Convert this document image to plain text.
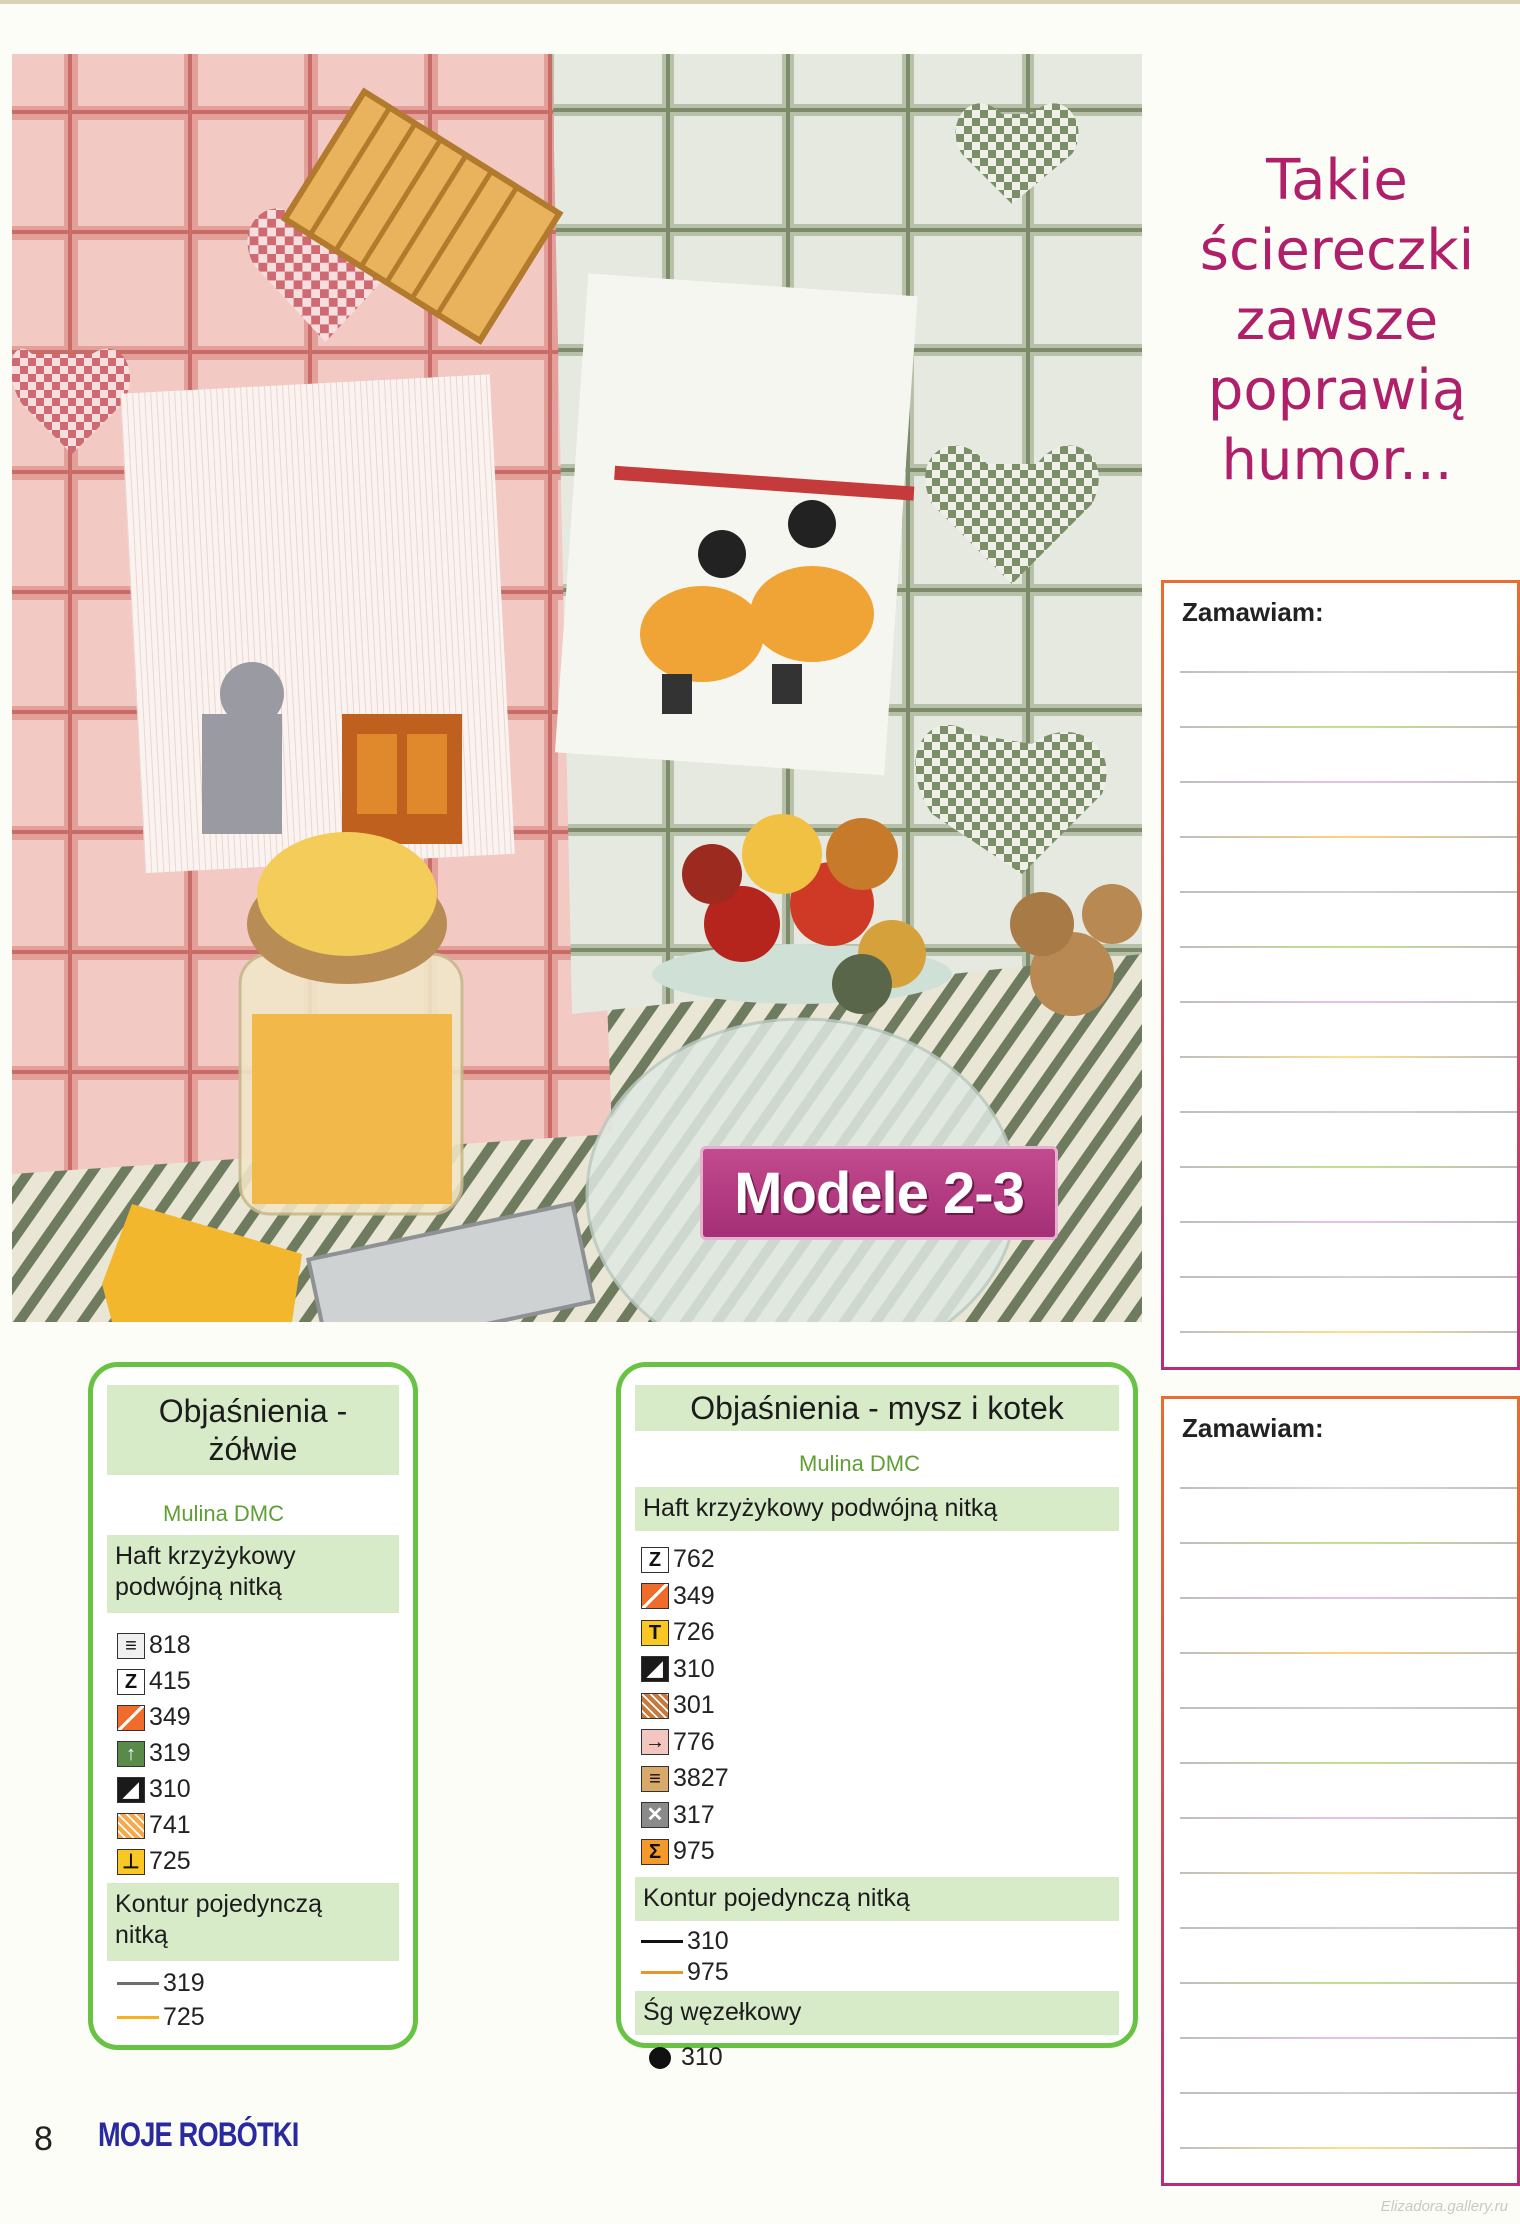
Modele 2-3
Takie
ściereczki
zawsze
poprawią
humor...
Zamawiam:
Zamawiam:
Objaśnienia -
żółwie
Mulina DMC
Haft krzyżykowy
podwójną nitką
≡ 818
Z 415
349
↑ 319
◢ 310
741
⊥ 725
Kontur pojedynczą
nitką
319
725
Objaśnienia - mysz i kotek
Mulina DMC
Haft krzyżykowy podwójną nitką
Z 762
349
T 726
◢ 310
301
→ 776
≡ 3827
✕ 317
Σ 975
Kontur pojedynczą nitką
310
975
Śg węzełkowy
310
8 MOJE ROBÓTKI
Elizadora.gallery.ru
